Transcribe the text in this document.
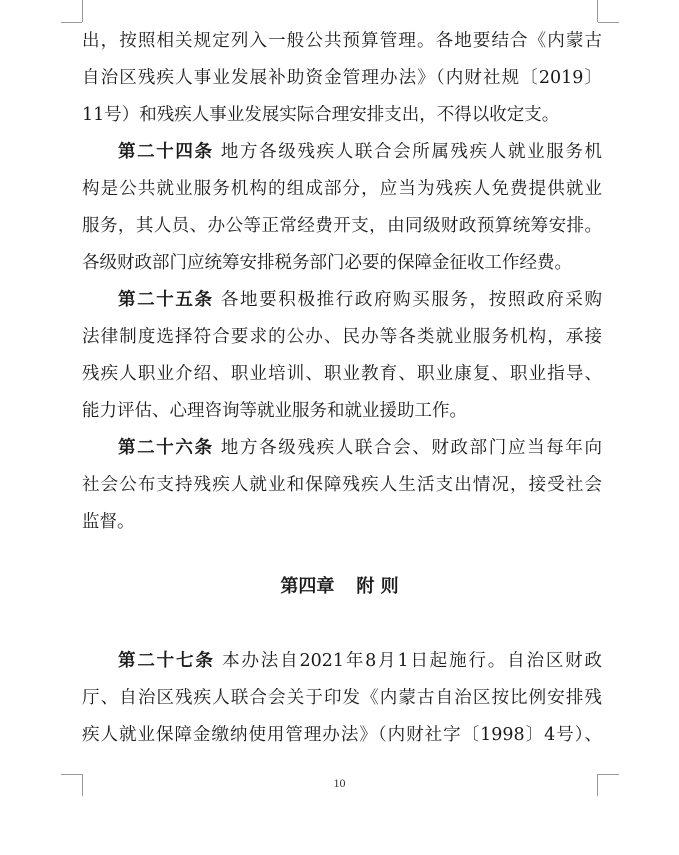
出，按照相关规定列入一般公共预算管理。各地要结合《内蒙古
自治区残疾人事业发展补助资金管理办法》（内财社规〔2019〕
11号）和残疾人事业发展实际合理安排支出，不得以收定支。
第二十四条 地方各级残疾人联合会所属残疾人就业服务机
构是公共就业服务机构的组成部分，应当为残疾人免费提供就业
服务，其人员、办公等正常经费开支，由同级财政预算统筹安排。
各级财政部门应统筹安排税务部门必要的保障金征收工作经费。
第二十五条 各地要积极推行政府购买服务，按照政府采购
法律制度选择符合要求的公办、民办等各类就业服务机构，承接
残疾人职业介绍、职业培训、职业教育、职业康复、职业指导、
能力评估、心理咨询等就业服务和就业援助工作。
第二十六条 地方各级残疾人联合会、财政部门应当每年向
社会公布支持残疾人就业和保障残疾人生活支出情况，接受社会
监督。
第四章 附 则
第二十七条 本办法自2021年8月1日起施行。自治区财政
厅、自治区残疾人联合会关于印发《内蒙古自治区按比例安排残
疾人就业保障金缴纳使用管理办法》（内财社字〔1998〕4号）、
10
